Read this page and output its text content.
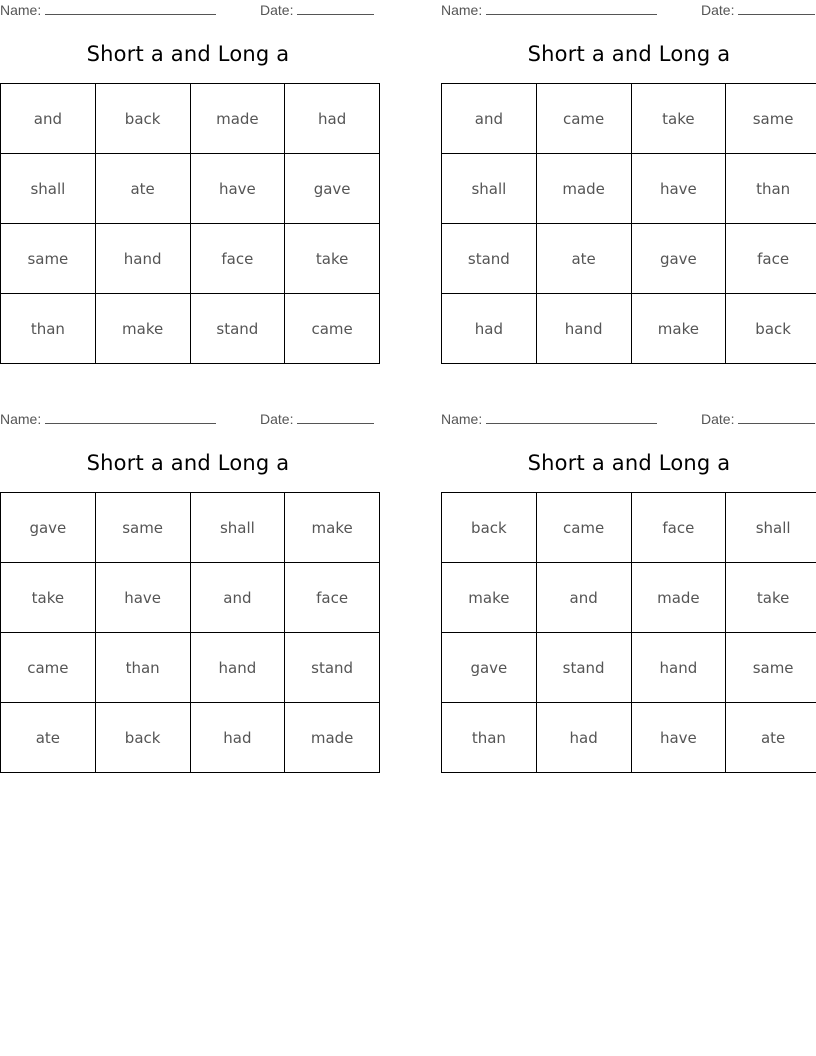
Name:	Date:
Short a and Long a
and	back	made	had
shall	ate	have	gave
same	hand	face	take
than	make	stand	came
Name:	Date:
Short a and Long a
and	came	take	same
shall	made	have	than
stand	ate	gave	face
had	hand	make	back
Name:	Date:
Short a and Long a
gave	same	shall	make
take	have	and	face
came	than	hand	stand
ate	back	had	made
Name:	Date:
Short a and Long a
back	came	face	shall
make	and	made	take
gave	stand	hand	same
than	had	have	ate
